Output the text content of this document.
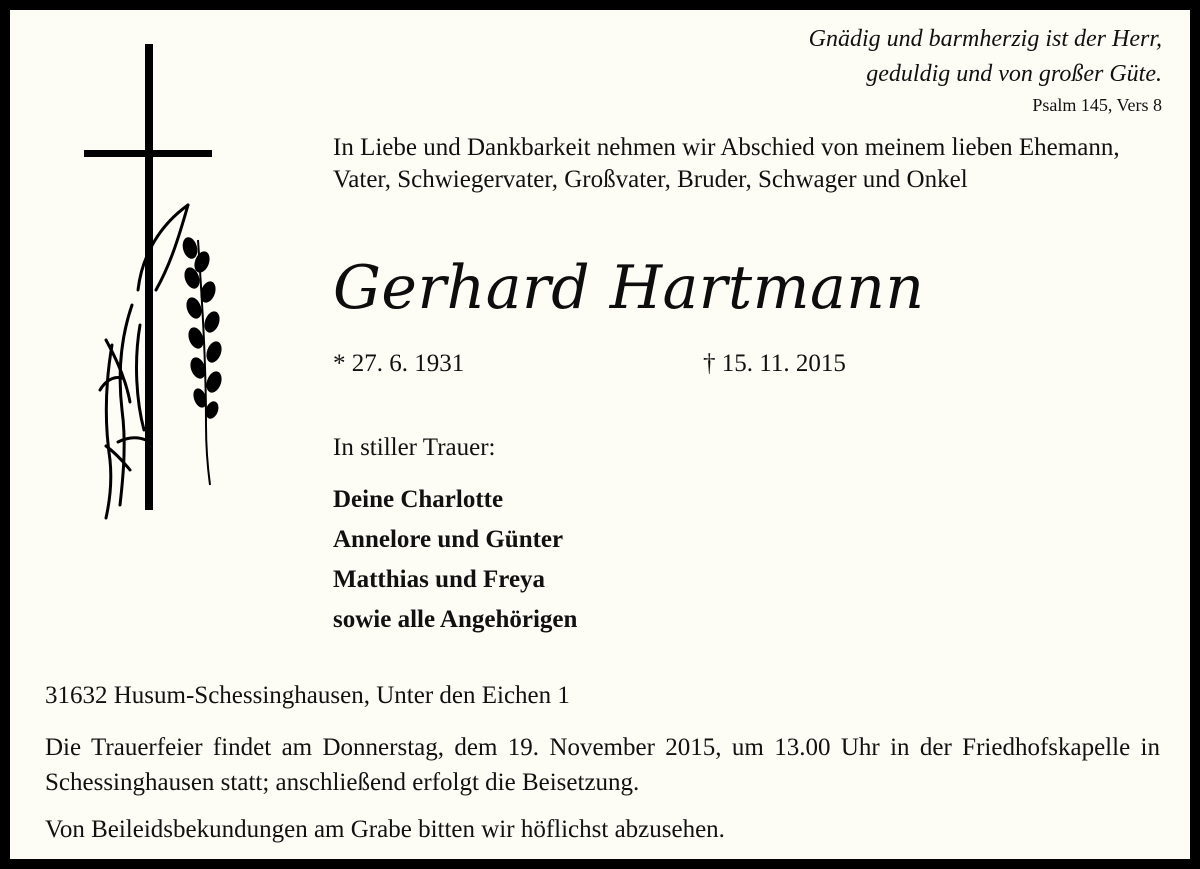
Gnädig und barmherzig ist der Herr,
geduldig und von großer Güte.
Psalm 145, Vers 8
In Liebe und Dankbarkeit nehmen wir Abschied von meinem lieben Ehemann, Vater, Schwiegervater, Großvater, Bruder, Schwager und Onkel
Gerhard Hartmann
* 27. 6. 1931	† 15. 11. 2015
In stiller Trauer:
Deine Charlotte
Annelore und Günter
Matthias und Freya
sowie alle Angehörigen
31632 Husum-Schessinghausen, Unter den Eichen 1
Die Trauerfeier findet am Donnerstag, dem 19. November 2015, um 13.00 Uhr in der Friedhofskapelle in Schessinghausen statt; anschließend erfolgt die Beisetzung.
Von Beileidsbekundungen am Grabe bitten wir höflichst abzusehen.
